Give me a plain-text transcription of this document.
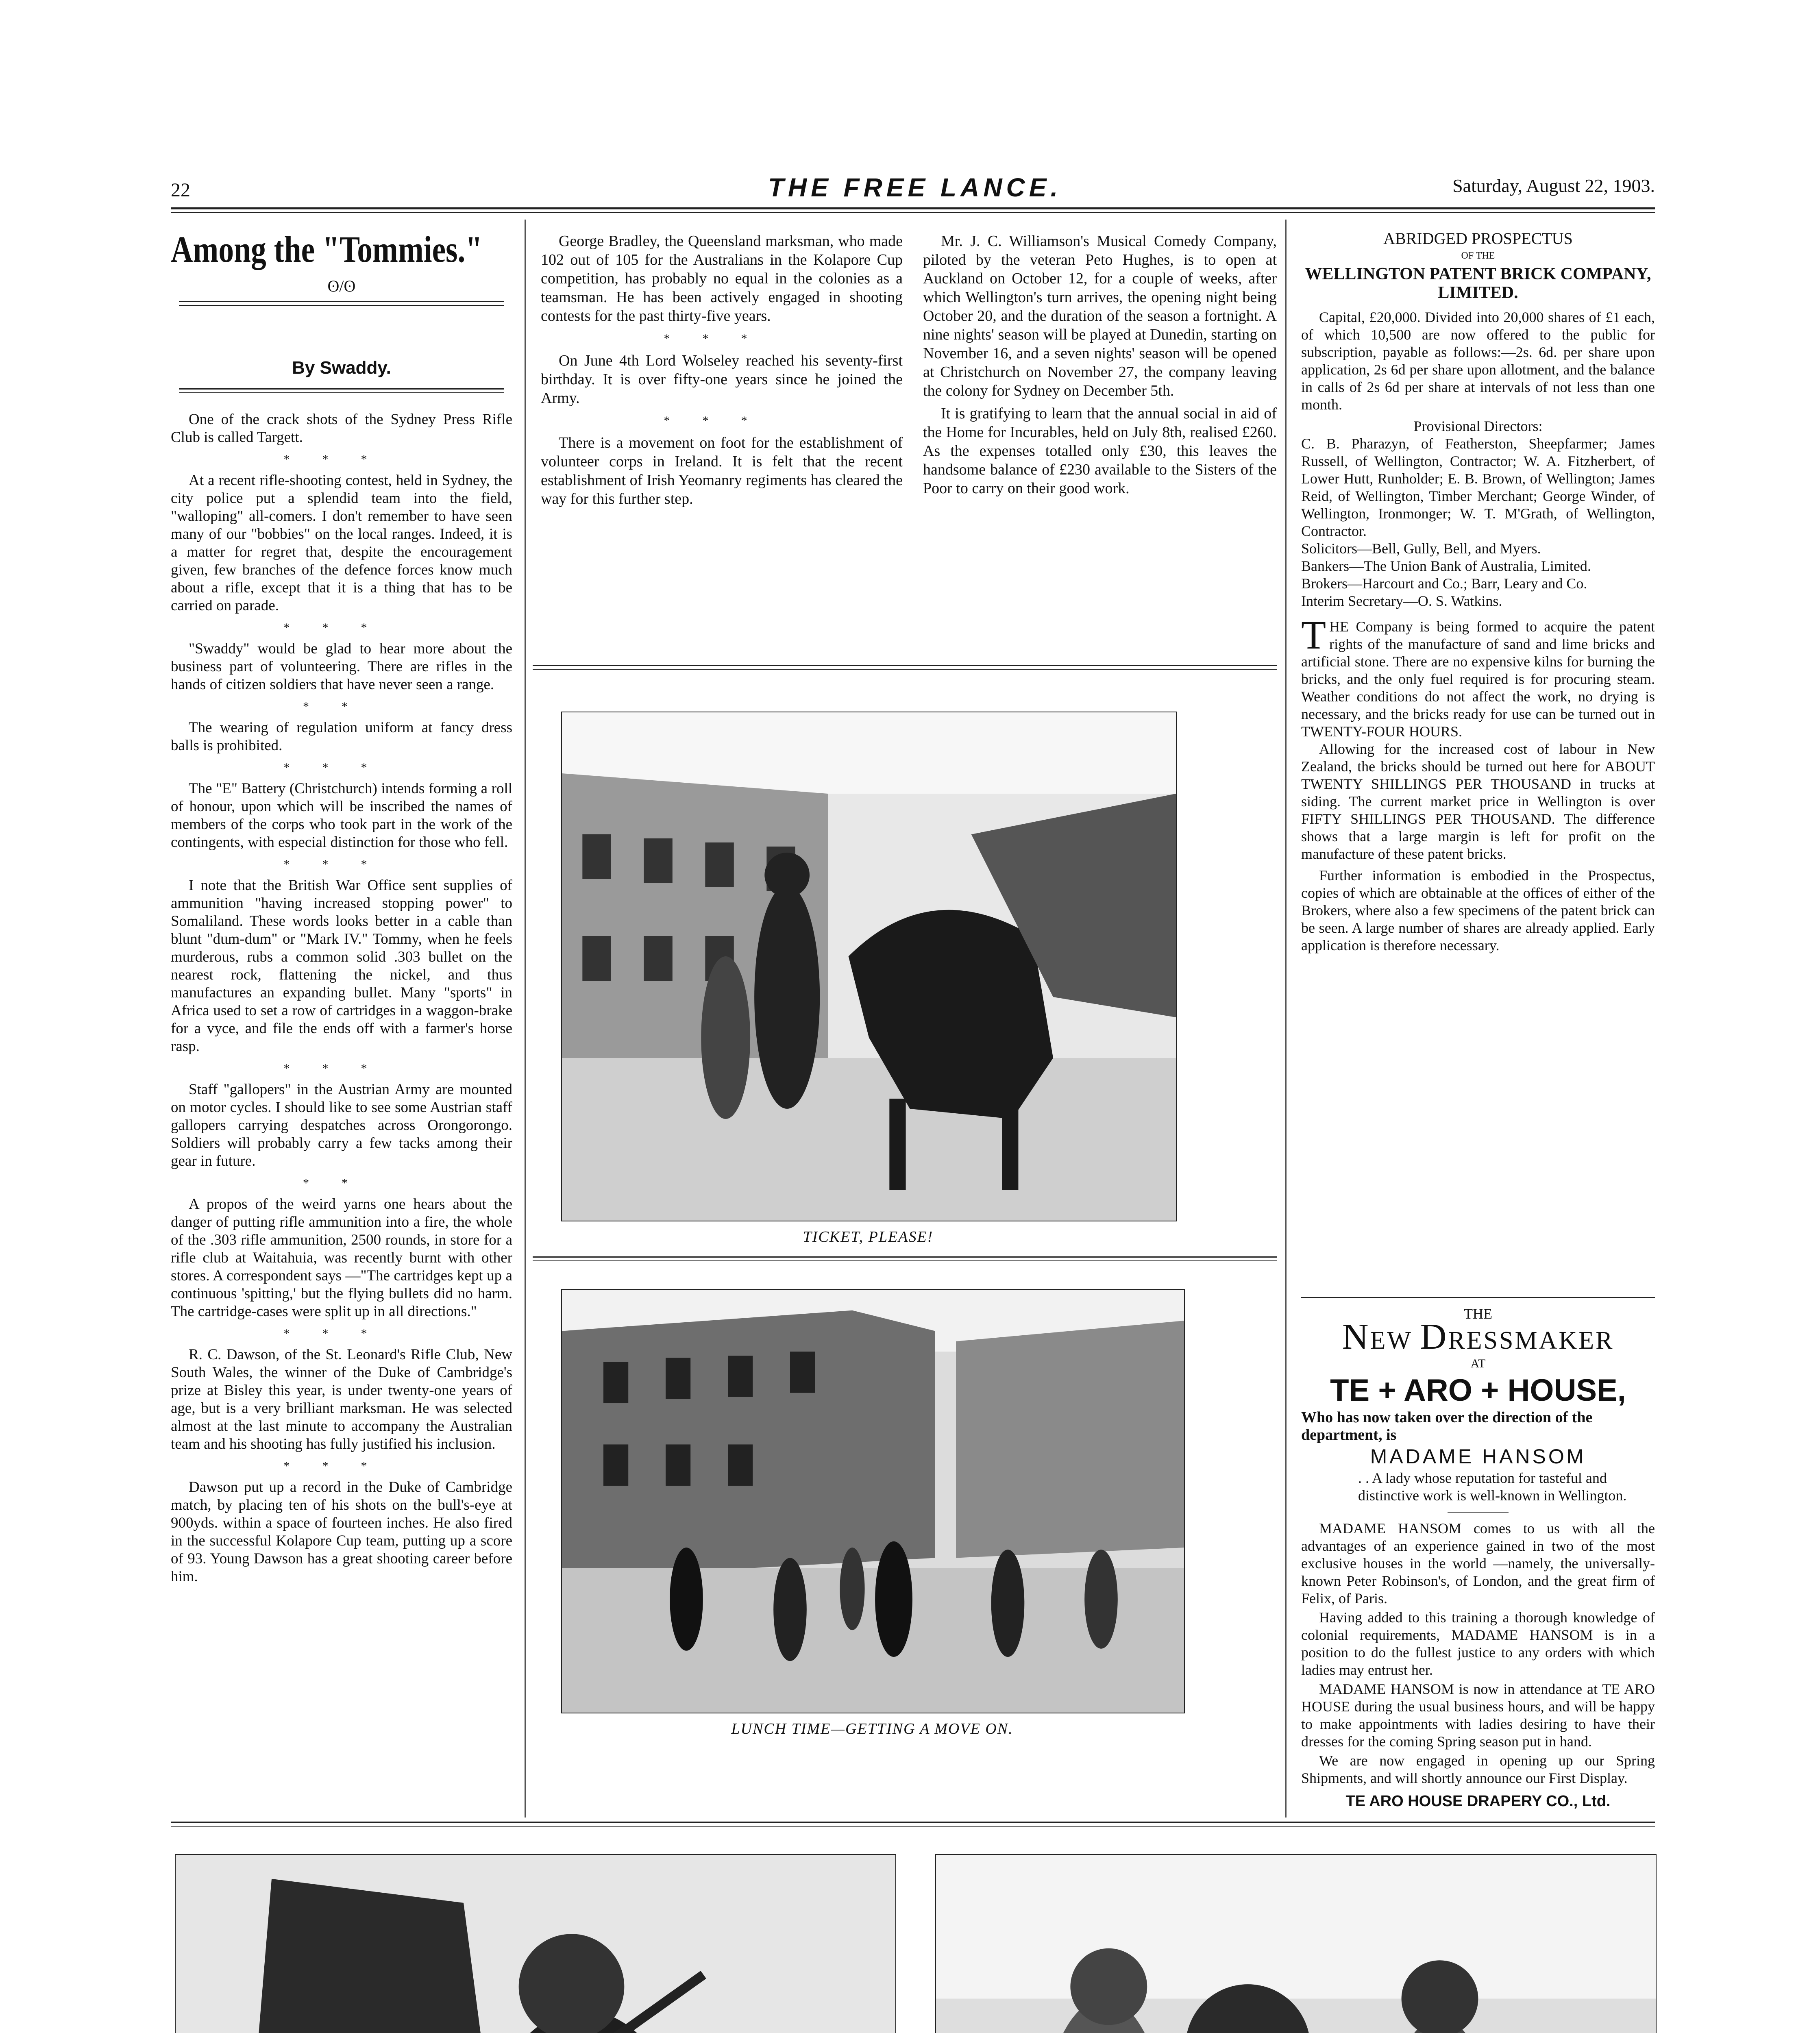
22	THE FREE LANCE.	Saturday, August 22, 1903.
Among the "Tommies."
ʘ/ʘ
By Swaddy.

One of the crack shots of the Sydney Press Rifle Club is called Targett.

***

At a recent rifle-shooting contest, held in Sydney, the city police put a splendid team into the field, "walloping" all-comers. I don't remember to have seen many of our "bobbies" on the local ranges. Indeed, it is a matter for regret that, despite the encouragement given, few branches of the defence forces know much about a rifle, except that it is a thing that has to be carried on parade.

***

"Swaddy" would be glad to hear more about the business part of volunteering. There are rifles in the hands of citizen soldiers that have never seen a range.

**

The wearing of regulation uniform at fancy dress balls is prohibited.

***

The "E" Battery (Christchurch) intends forming a roll of honour, upon which will be inscribed the names of members of the corps who took part in the work of the contingents, with especial distinction for those who fell.

***

I note that the British War Office sent supplies of ammunition "having increased stopping power" to Somaliland. These words looks better in a cable than blunt "dum-dum" or "Mark IV." Tommy, when he feels murderous, rubs a common solid .303 bullet on the nearest rock, flattening the nickel, and thus manufactures an expanding bullet. Many "sports" in Africa used to set a row of cartridges in a waggon-brake for a vyce, and file the ends off with a farmer's horse rasp.

***

Staff "gallopers" in the Austrian Army are mounted on motor cycles. I should like to see some Austrian staff gallopers carrying despatches across Orongorongo. Soldiers will probably carry a few tacks among their gear in future.

**

A propos of the weird yarns one hears about the danger of putting rifle ammunition into a fire, the whole of the .303 rifle ammunition, 2500 rounds, in store for a rifle club at Waitahuia, was recently burnt with other stores. A correspondent says —"The cartridges kept up a continuous 'spitting,' but the flying bullets did no harm. The cartridge-cases were split up in all directions."

***

R. C. Dawson, of the St. Leonard's Rifle Club, New South Wales, the winner of the Duke of Cambridge's prize at Bisley this year, is under twenty-one years of age, but is a very brilliant marksman. He was selected almost at the last minute to accompany the Australian team and his shooting has fully justified his inclusion.

***

Dawson put up a record in the Duke of Cambridge match, by placing ten of his shots on the bull's-eye at 900yds. within a space of fourteen inches. He also fired in the successful Kolapore Cup team, putting up a score of 93. Young Dawson has a great shooting career before him.

George Bradley, the Queensland marksman, who made 102 out of 105 for the Australians in the Kolapore Cup competition, has probably no equal in the colonies as a teamsman. He has been actively engaged in shooting contests for the past thirty-five years.

***

On June 4th Lord Wolseley reached his seventy-first birthday. It is over fifty-one years since he joined the Army.

***

There is a movement on foot for the establishment of volunteer corps in Ireland. It is felt that the recent establishment of Irish Yeomanry regiments has cleared the way for this further step.

Mr. J. C. Williamson's Musical Comedy Company, piloted by the veteran Peto Hughes, is to open at Auckland on October 12, for a couple of weeks, after which Wellington's turn arrives, the opening night being October 20, and the duration of the season a fortnight. A nine nights' season will be played at Dunedin, starting on November 16, and a seven nights' season will be opened at Christchurch on November 27, the company leaving the colony for Sydney on December 5th.

It is gratifying to learn that the annual social in aid of the Home for Incurables, held on July 8th, realised £260. As the expenses totalled only £30, this leaves the handsome balance of £230 available to the Sisters of the Poor to carry on their good work.

TICKET, PLEASE!
LUNCH TIME—GETTING A MOVE ON.
ABRIDGED PROSPECTUS
OF THE
WELLINGTON PATENT BRICK COMPANY, LIMITED.

Capital, £20,000. Divided into 20,000 shares of £1 each, of which 10,500 are now offered to the public for subscription, payable as follows:—2s. 6d. per share upon application, 2s 6d per share upon allotment, and the balance in calls of 2s 6d per share at intervals of not less than one month.

Provisional Directors:
C. B. Pharazyn, of Featherston, Sheepfarmer; James Russell, of Wellington, Contractor; W. A. Fitzherbert, of Lower Hutt, Runholder; E. B. Brown, of Wellington; James Reid, of Wellington, Timber Merchant; George Winder, of Wellington, Ironmonger; W. T. M'Grath, of Wellington, Contractor.
Solicitors—Bell, Gully, Bell, and Myers.
Bankers—The Union Bank of Australia, Limited.
Brokers—Harcourt and Co.; Barr, Leary and Co.
Interim Secretary—O. S. Watkins.
THE Company is being formed to acquire the patent rights of the manufacture of sand and lime bricks and artificial stone. There are no expensive kilns for burning the bricks, and the only fuel required is for procuring steam. Weather conditions do not affect the work, no drying is necessary, and the bricks ready for use can be turned out in TWENTY-FOUR HOURS.

Allowing for the increased cost of labour in New Zealand, the bricks should be turned out here for ABOUT TWENTY SHILLINGS PER THOUSAND in trucks at siding. The current market price in Wellington is over FIFTY SHILLINGS PER THOUSAND. The difference shows that a large margin is left for profit on the manufacture of these patent bricks.

Further information is embodied in the Prospectus, copies of which are obtainable at the offices of either of the Brokers, where also a few specimens of the patent brick can be seen. A large number of shares are already applied. Early application is therefore necessary.

THE
NEW DRESSMAKER
AT
TE + ARO + HOUSE,
Who has now taken over the direction of the department, is
MADAME HANSOM
. . A lady whose reputation for tasteful and distinctive work is well-known in Wellington.

MADAME HANSOM comes to us with all the advantages of an experience gained in two of the most exclusive houses in the world —namely, the universally-known Peter Robinson's, of London, and the great firm of Felix, of Paris.

Having added to this training a thorough knowledge of colonial requirements, MADAME HANSOM is in a position to do the fullest justice to any orders with which ladies may entrust her.

MADAME HANSOM is now in attendance at TE ARO HOUSE during the usual business hours, and will be happy to make appointments with ladies desiring to have their dresses for the coming Spring season put in hand.

We are now engaged in opening up our Spring Shipments, and will shortly announce our First Display.

TE ARO HOUSE DRAPERY CO., Ltd.
